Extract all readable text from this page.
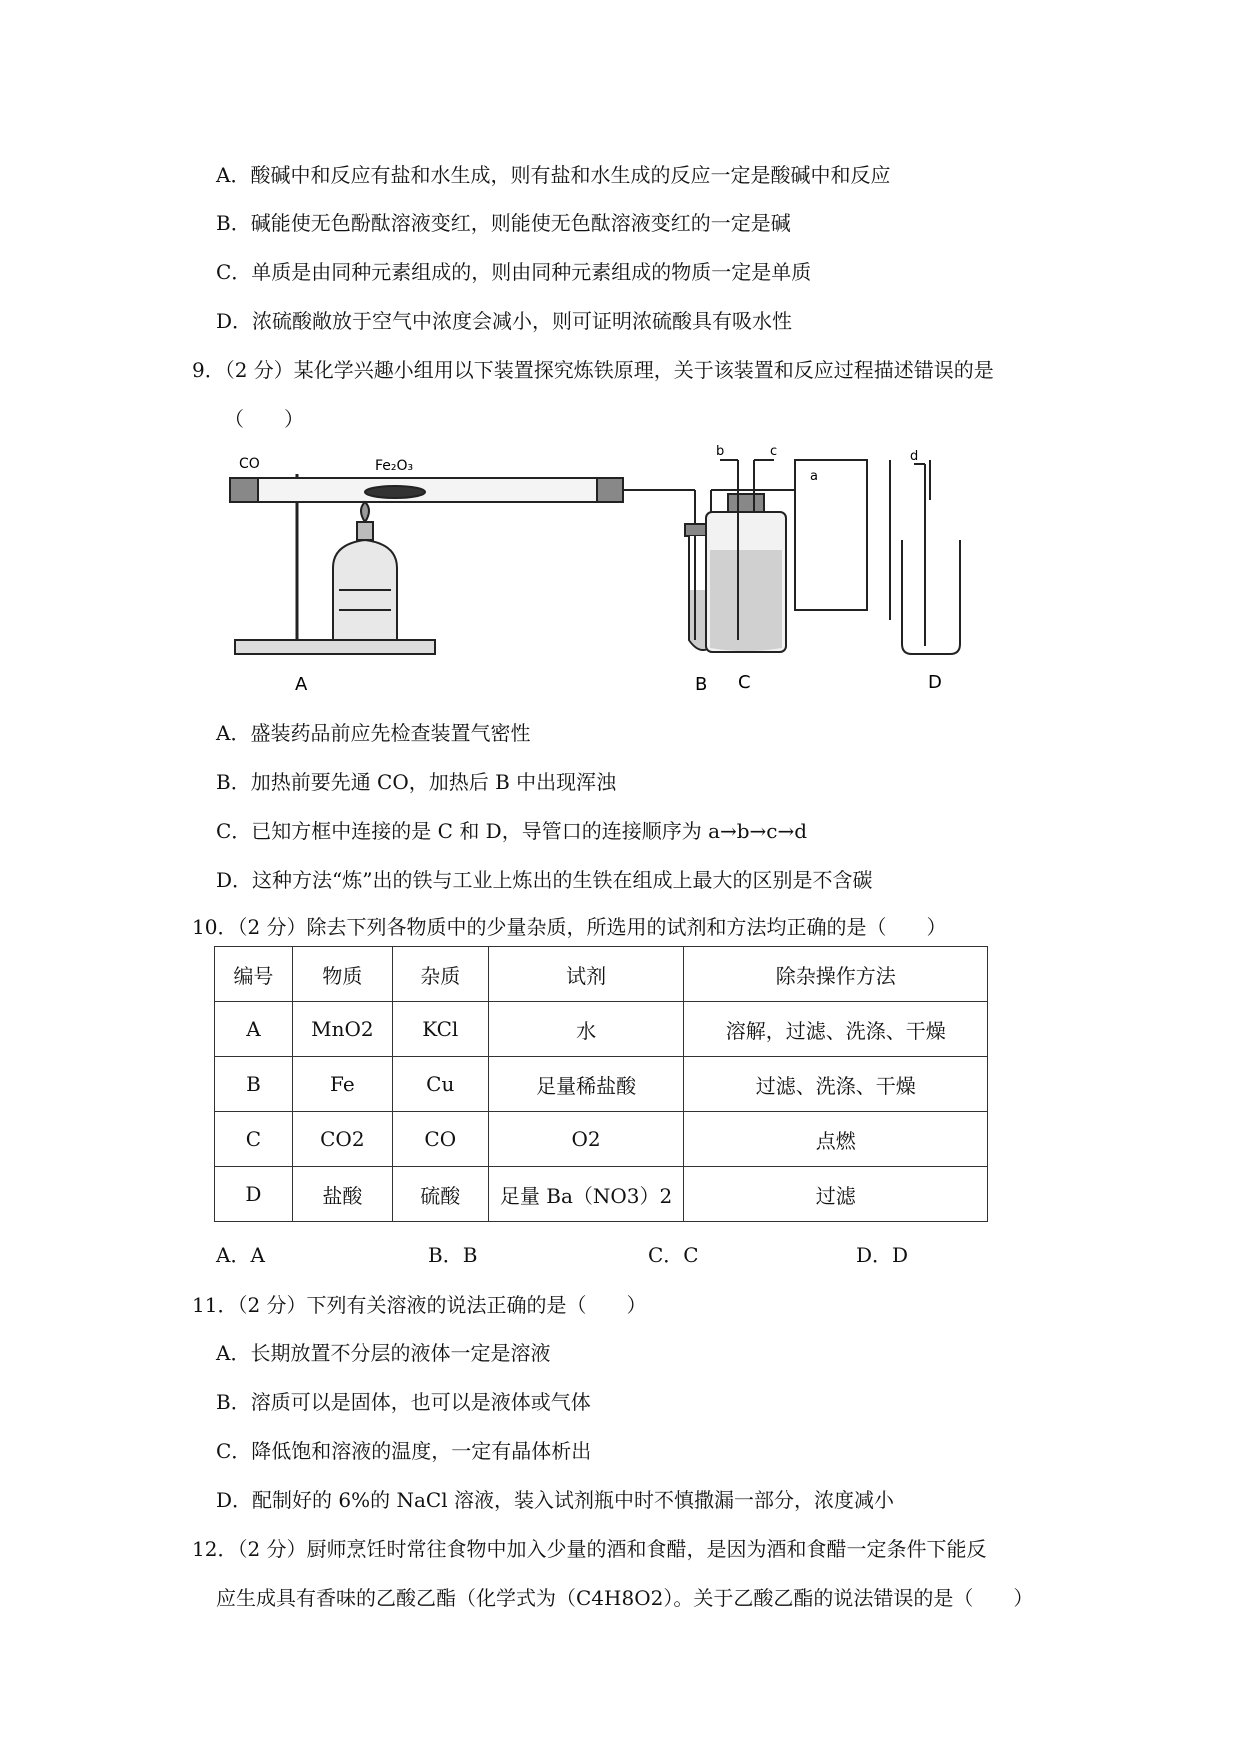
A．酸碱中和反应有盐和水生成，则有盐和水生成的反应一定是酸碱中和反应
B．碱能使无色酚酞溶液变红，则能使无色酞溶液变红的一定是碱
C．单质是由同种元素组成的，则由同种元素组成的物质一定是单质
D．浓硫酸敞放于空气中浓度会减小，则可证明浓硫酸具有吸水性
9．（2 分）某化学兴趣小组用以下装置探究炼铁原理，关于该装置和反应过程描述错误的是
（　　）
CO	Fe₂O₃
a
A	B
b	c	d
C	D
A．盛装药品前应先检查装置气密性
B．加热前要先通 CO，加热后 B 中出现浑浊
C．已知方框中连接的是 C 和 D，导管口的连接顺序为 a→b→c→d
D．这种方法“炼”出的铁与工业上炼出的生铁在组成上最大的区别是不含碳
10．（2 分）除去下列各物质中的少量杂质，所选用的试剂和方法均正确的是（　　）
编号	物质	杂质	试剂	除杂操作方法
A	MnO2	KCl	水	溶解，过滤、洗涤、干燥
B	Fe	Cu	足量稀盐酸	过滤、洗涤、干燥
C	CO2	CO	O2	点燃
D	盐酸	硫酸	足量 Ba（NO3）2	过滤
A．A	B．B	C．C	D．D
11．（2 分）下列有关溶液的说法正确的是（　　）
A．长期放置不分层的液体一定是溶液
B．溶质可以是固体，也可以是液体或气体
C．降低饱和溶液的温度，一定有晶体析出
D．配制好的 6%的 NaCl 溶液，装入试剂瓶中时不慎撒漏一部分，浓度减小
12．（2 分）厨师烹饪时常往食物中加入少量的酒和食醋，是因为酒和食醋一定条件下能反
应生成具有香味的乙酸乙酯（化学式为（C4H8O2）。关于乙酸乙酯的说法错误的是（　　）
